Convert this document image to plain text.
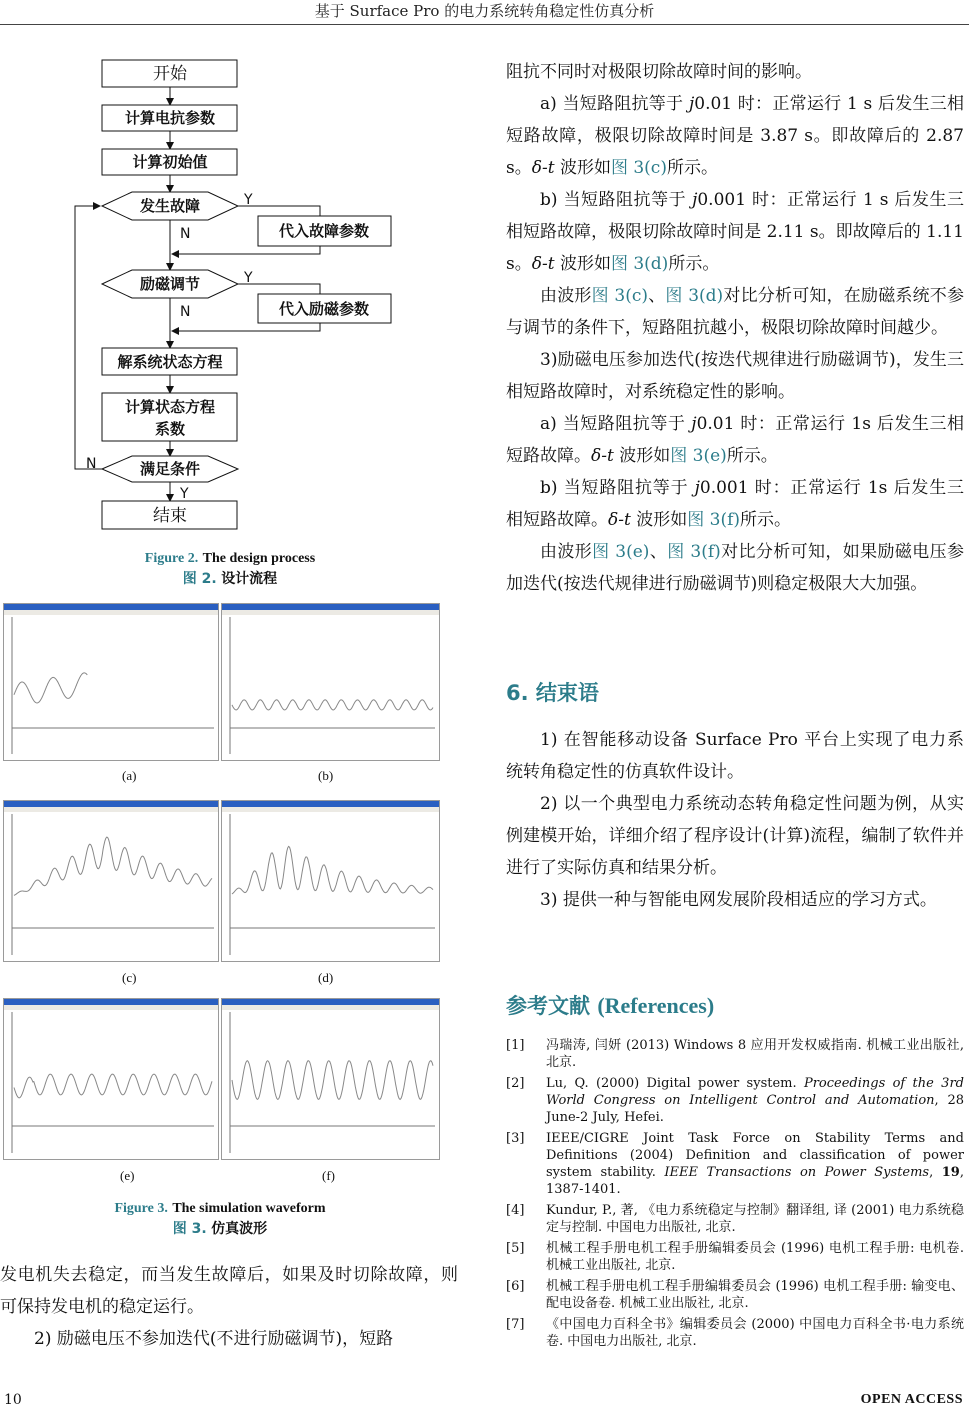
基于 Surface Pro 的电力系统转角稳定性仿真分析
开始
计算电抗参数
计算初始值
发生故障
代入故障参数
励磁调节
代入励磁参数
解系统状态方程
计算状态方程
系数
满足条件
结束
Y
N
Y
N
N
Y
Figure 2. The design process
图 2. 设计流程
(a)	(b)
(c)	(d)
(e)	(f)
Figure 3. The simulation waveform
图 3. 仿真波形

发电机失去稳定，而当发生故障后，如果及时切除故障，则可保持发电机的稳定运行。

2) 励磁电压不参加迭代(不进行励磁调节)，短路

阻抗不同时对极限切除故障时间的影响。

a) 当短路阻抗等于 j0.01 时：正常运行 1 s 后发生三相短路故障，极限切除故障时间是 3.87 s。即故障后的 2.87 s。δ-t 波形如图 3(c)所示。

b) 当短路阻抗等于 j0.001 时：正常运行 1 s 后发生三相短路故障，极限切除故障时间是 2.11 s。即故障后的 1.11 s。δ-t 波形如图 3(d)所示。

由波形图 3(c)、图 3(d)对比分析可知，在励磁系统不参与调节的条件下，短路阻抗越小，极限切除故障时间越少。

3)励磁电压参加迭代(按迭代规律进行励磁调节)，发生三相短路故障时，对系统稳定性的影响。

a) 当短路阻抗等于 j0.01 时：正常运行 1s 后发生三相短路故障。δ-t 波形如图 3(e)所示。

b) 当短路阻抗等于 j0.001 时：正常运行 1s 后发生三相短路故障。δ-t 波形如图 3(f)所示。

由波形图 3(e)、图 3(f)对比分析可知，如果励磁电压参加迭代(按迭代规律进行励磁调节)则稳定极限大大加强。

6. 结束语

1) 在智能移动设备 Surface Pro 平台上实现了电力系统转角稳定性的仿真软件设计。

2) 以一个典型电力系统动态转角稳定性问题为例，从实例建模开始，详细介绍了程序设计(计算)流程，编制了软件并进行了实际仿真和结果分析。

3) 提供一种与智能电网发展阶段相适应的学习方式。

参考文献 (References)
[1] 冯瑞涛, 闫妍 (2013) Windows 8 应用开发权威指南. 机械工业出版社, 北京.
[2] Lu, Q. (2000) Digital power system. Proceedings of the 3rd World Congress on Intelligent Control and Automation, 28 June-2 July, Hefei.
[3] IEEE/CIGRE Joint Task Force on Stability Terms and Definitions (2004) Definition and classification of power system stability. IEEE Transactions on Power Systems, 19, 1387-1401.
[4] Kundur, P., 著, 《电力系统稳定与控制》翻译组, 译 (2001) 电力系统稳定与控制. 中国电力出版社, 北京.
[5] 机械工程手册电机工程手册编辑委员会 (1996) 电机工程手册: 电机卷. 机械工业出版社, 北京.
[6] 机械工程手册电机工程手册编辑委员会 (1996) 电机工程手册: 输变电、配电设备卷. 机械工业出版社, 北京.
[7] 《中国电力百科全书》编辑委员会 (2000) 中国电力百科全书·电力系统卷. 中国电力出版社, 北京.
10	OPEN ACCESS
